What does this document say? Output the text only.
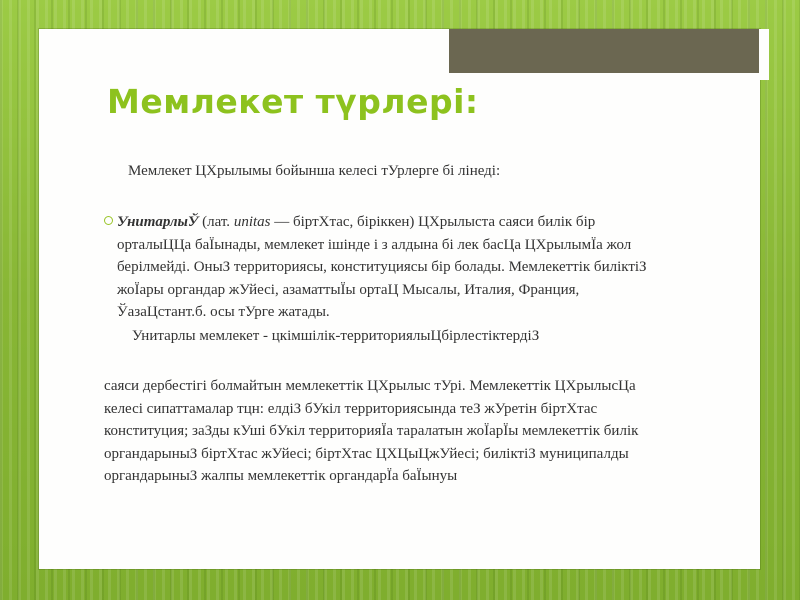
Мемлекет түрлері:
Мемлекет ЦХрылымы бойынша келесі тУрлерге бі лінеді:
УнитарлыЎ (лат. unitas — біртХтас, біріккен) ЦХрылыста саяси билік бір орталыЦЦа баЇынады, мемлекет ішінде і з алдына бі лек басЦа ЦХрылымЇа жол берілмейді. ОныЗ территориясы, конституциясы бір болады. Мемлекеттік биліктіЗ жоЇары органдар жУйесі, азаматтыЇы ортаЦ Мысалы, Италия, Франция, ЎазаЦстант.б. осы тУрге жатады.
Унитарлы мемлекет - цкімшілік-территориялыЦбірлестіктердіЗ
саяси дербестігі болмайтын мемлекеттік ЦХрылыс тУрі. Мемлекеттік ЦХрылысЦа келесі сипаттамалар тцн: елдіЗ бУкіл территориясында теЗ жУретін біртХтас конституция; заЗды кУші бУкіл территорияЇа таралатын жоЇарЇы мемлекеттік билік органдарыныЗ біртХтас жУйесі; біртХтас ЦХЦыЦжУйесі; биліктіЗ муниципалды органдарыныЗ жалпы мемлекеттік органдарЇа баЇынуы
